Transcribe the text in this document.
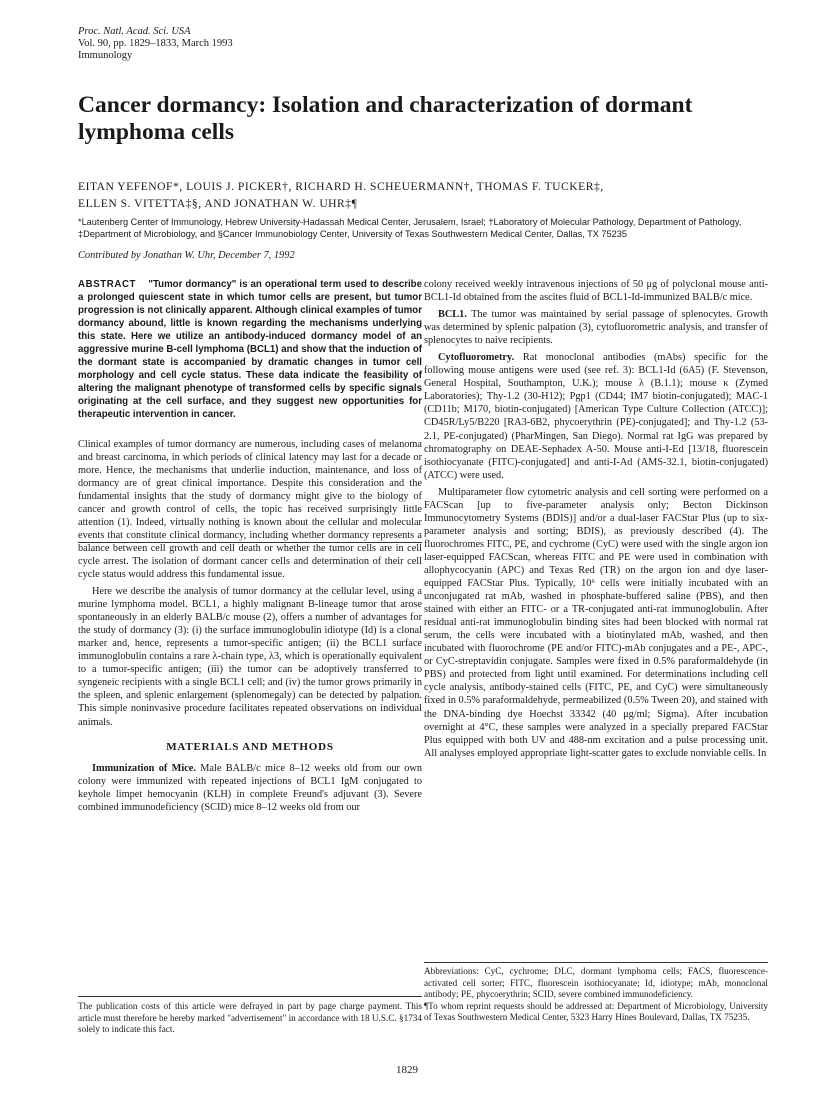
Proc. Natl. Acad. Sci. USA
Vol. 90, pp. 1829–1833, March 1993
Immunology
Cancer dormancy: Isolation and characterization of dormant lymphoma cells
EITAN YEFENOF*, LOUIS J. PICKER†, RICHARD H. SCHEUERMANN†, THOMAS F. TUCKER‡,
ELLEN S. VITETTA‡§, AND JONATHAN W. UHR‡¶
*Lautenberg Center of Immunology, Hebrew University-Hadassah Medical Center, Jerusalem, Israel; †Laboratory of Molecular Pathology, Department of Pathology, ‡Department of Microbiology, and §Cancer Immunobiology Center, University of Texas Southwestern Medical Center, Dallas, TX 75235
Contributed by Jonathan W. Uhr, December 7, 1992

ABSTRACT "Tumor dormancy" is an operational term used to describe a prolonged quiescent state in which tumor cells are present, but tumor progression is not clinically apparent. Although clinical examples of tumor dormancy abound, little is known regarding the mechanisms underlying this state. Here we utilize an antibody-induced dormancy model of an aggressive murine B-cell lymphoma (BCL1) and show that the induction of the dormant state is accompanied by dramatic changes in tumor cell morphology and cell cycle status. These data indicate the feasibility of altering the malignant phenotype of transformed cells by specific signals originating at the cell surface, and they suggest new opportunities for therapeutic intervention in cancer.

Clinical examples of tumor dormancy are numerous, including cases of melanoma and breast carcinoma, in which periods of clinical latency may last for a decade or more. Hence, the mechanisms that underlie induction, maintenance, and loss of dormancy are of great clinical importance. Despite this consideration and the fundamental insights that the study of dormancy might give to the biology of cancer and growth control of cells, the topic has received surprisingly little attention (1). Indeed, virtually nothing is known about the cellular and molecular events that constitute clinical dormancy, including whether dormancy represents a balance between cell growth and cell death or whether the tumor cells are in cell cycle arrest. The isolation of dormant cancer cells and determination of their cell cycle status would address this fundamental issue.

Here we describe the analysis of tumor dormancy at the cellular level, using a murine lymphoma model. BCL1, a highly malignant B-lineage tumor that arose spontaneously in an elderly BALB/c mouse (2), offers a number of advantages for the study of dormancy (3): (i) the surface immunoglobulin idiotype (Id) is a clonal marker and, hence, represents a tumor-specific antigen; (ii) the BCL1 surface immunoglobulin contains a rare λ-chain type, λ3, which is operationally equivalent to a tumor-specific antigen; (iii) the tumor can be adoptively transferred to syngeneic recipients with a single BCL1 cell; and (iv) the tumor grows primarily in the spleen, and splenic enlargement (splenomegaly) can be detected by palpation. This simple noninvasive procedure facilitates repeated observations on individual animals.

MATERIALS AND METHODS

Immunization of Mice. Male BALB/c mice 8–12 weeks old from our own colony were immunized with repeated injections of BCL1 IgM conjugated to keyhole limpet hemocyanin (KLH) in complete Freund's adjuvant (3). Severe combined immunodeficiency (SCID) mice 8–12 weeks old from our

colony received weekly intravenous injections of 50 μg of polyclonal mouse anti-BCL1-Id obtained from the ascites fluid of BCL1-Id-immunized BALB/c mice.

BCL1. The tumor was maintained by serial passage of splenocytes. Growth was determined by splenic palpation (3), cytofluorometric analysis, and transfer of splenocytes to naive recipients.

Cytofluorometry. Rat monoclonal antibodies (mAbs) specific for the following mouse antigens were used (see ref. 3): BCL1-Id (6A5) (F. Stevenson, General Hospital, Southampton, U.K.); mouse λ (B.1.1); mouse κ (Zymed Laboratories); Thy-1.2 (30-H12); Pgp1 (CD44; IM7 biotin-conjugated); MAC-1 (CD11b; M170, biotin-conjugated) [American Type Culture Collection (ATCC)]; CD45R/Ly5/B220 [RA3-6B2, phycoerythrin (PE)-conjugated]; and Thy-1.2 (53-2.1, PE-conjugated) (PharMingen, San Diego). Normal rat IgG was prepared by chromatography on DEAE-Sephadex A-50. Mouse anti-I-Ed [13/18, fluorescein isothiocyanate (FITC)-conjugated] and anti-I-Ad (AMS-32.1, biotin-conjugated) (ATCC) were used.

Multiparameter flow cytometric analysis and cell sorting were performed on a FACScan [up to five-parameter analysis only; Becton Dickinson Immunocytometry Systems (BDIS)] and/or a dual-laser FACStar Plus (up to six-parameter analysis and sorting; BDIS), as previously described (4). The fluorochromes FITC, PE, and cychrome (CyC) were used with the single argon ion laser-equipped FACScan, whereas FITC and PE were used in combination with allophycocyanin (APC) and Texas Red (TR) on the argon ion and dye laser-equipped FACStar Plus. Typically, 10⁶ cells were initially incubated with an unconjugated rat mAb, washed in phosphate-buffered saline (PBS), and then stained with either an FITC- or a TR-conjugated anti-rat immunoglobulin. After residual anti-rat immunoglobulin binding sites had been blocked with normal rat serum, the cells were incubated with a biotinylated mAb, washed, and then incubated with fluorochrome (PE and/or FITC)-mAb conjugates and a PE-, APC-, or CyC-streptavidin conjugate. Samples were fixed in 0.5% paraformaldehyde (in PBS) and protected from light until examined. For determinations including cell cycle analysis, antibody-stained cells (FITC, PE, and CyC) were simultaneously fixed in 0.5% paraformaldehyde, permeabilized (0.5% Tween 20), and stained with the DNA-binding dye Hoechst 33342 (40 μg/ml; Sigma). After incubation overnight at 4°C, these samples were analyzed in a specially prepared FACStar Plus equipped with both UV and 488-nm excitation and a pulse processing unit. All analyses employed appropriate light-scatter gates to exclude nonviable cells. In

Abbreviations: CyC, cychrome; DLC, dormant lymphoma cells; FACS, fluorescence-activated cell sorter; FITC, fluorescein isothiocyanate; Id, idiotype; mAb, monoclonal antibody; PE, phycoerythrin; SCID, severe combined immunodeficiency.

¶To whom reprint requests should be addressed at: Department of Microbiology, University of Texas Southwestern Medical Center, 5323 Harry Hines Boulevard, Dallas, TX 75235.

The publication costs of this article were defrayed in part by page charge payment. This article must therefore be hereby marked "advertisement" in accordance with 18 U.S.C. §1734 solely to indicate this fact.
1829
